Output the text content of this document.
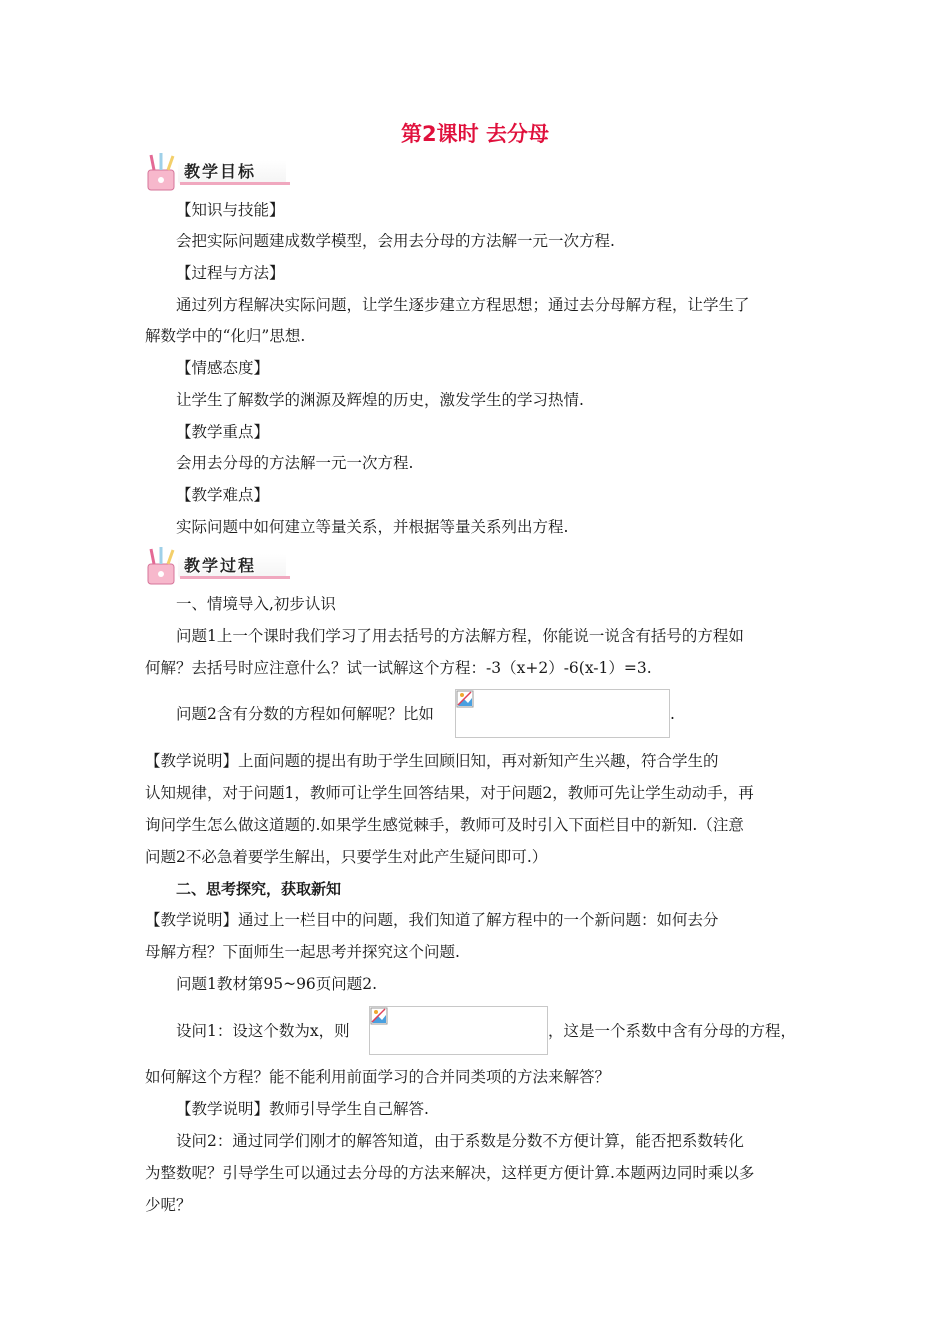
第2课时 去分母
教学目标
【知识与技能】
会把实际问题建成数学模型，会用去分母的方法解一元一次方程.
【过程与方法】
通过列方程解决实际问题，让学生逐步建立方程思想；通过去分母解方程，让学生了
解数学中的“化归”思想.
【情感态度】
让学生了解数学的渊源及辉煌的历史，激发学生的学习热情.
【教学重点】
会用去分母的方法解一元一次方程.
【教学难点】
实际问题中如何建立等量关系，并根据等量关系列出方程.
教学过程
一、情境导入,初步认识
问题1上一个课时我们学习了用去括号的方法解方程，你能说一说含有括号的方程如
何解？去括号时应注意什么？试一试解这个方程：-3（x+2）-6(x-1）=3.
问题2含有分数的方程如何解呢？比如	.
【教学说明】上面问题的提出有助于学生回顾旧知，再对新知产生兴趣，符合学生的
认知规律，对于问题1，教师可让学生回答结果，对于问题2，教师可先让学生动动手，再
询问学生怎么做这道题的.如果学生感觉棘手，教师可及时引入下面栏目中的新知.（注意
问题2不必急着要学生解出，只要学生对此产生疑问即可.）
二、思考探究，获取新知
【教学说明】通过上一栏目中的问题，我们知道了解方程中的一个新问题：如何去分
母解方程？下面师生一起思考并探究这个问题.
问题1教材第95~96页问题2.
设问1：设这个数为x，则	，这是一个系数中含有分母的方程，
如何解这个方程？能不能利用前面学习的合并同类项的方法来解答？
【教学说明】教师引导学生自己解答.
设问2：通过同学们刚才的解答知道，由于系数是分数不方便计算，能否把系数转化
为整数呢？引导学生可以通过去分母的方法来解决，这样更方便计算.本题两边同时乘以多
少呢？
